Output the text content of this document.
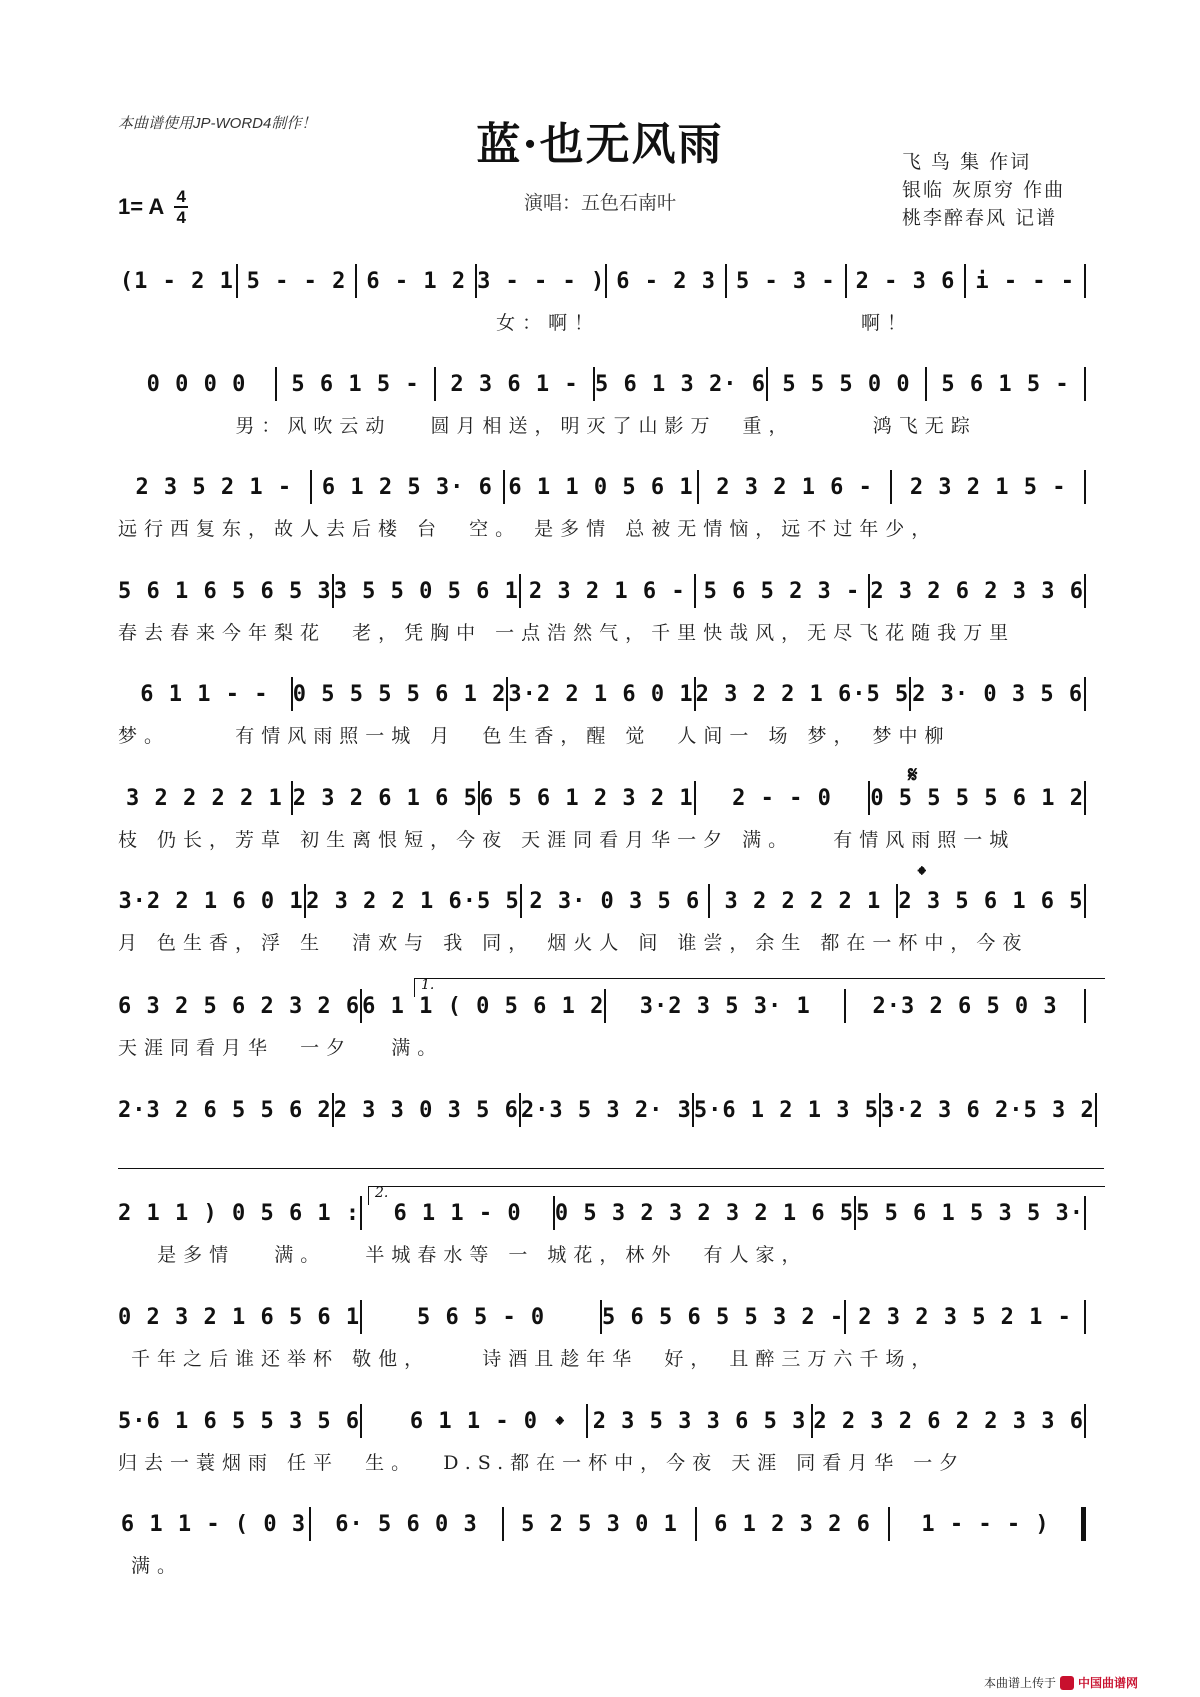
本曲谱使用JP-WORD4制作！	蓝·也无风雨
演唱：五色石南叶
1= A 4
4
飞 鸟 集 作词
银临 灰原穷 作曲
桃李醉春风 记谱
(1 - 2 1 5 - - 2 6 - 1 2 3 - - - ) 6 - 2 3 5 - 3 - 2 - 3 6 i - - -
女：啊！                    啊！
0 0 0 0	5 6 1 5 -	2 3 6 1 - 5 6 1 3 2· 6 5 5 5 0 0	5 6 1 5 -
男：风吹云动   圆月相送，明灭了山影万  重，      鸿飞无踪
2 3 5 2 1 -	6 1 2 5 3· 6 6 1 1 0 5 6 1	2 3 2 1 6 -	2 3 2 1 5 -
远行西复东，故人去后楼 台  空。 是多情 总被无情恼，远不过年少，
5 6 1 6 5 6 5 3 3 5 5 0 5 6 1 2 3 2 1 6 - 5 6 5 2 3 - 2 3 2 6 2 3 3 6
春去春来今年梨花  老，凭胸中 一点浩然气，千里快哉风，无尽飞花随我万里
6 1 1 - -	0 5 5 5 5 6 1 2 3·2 2 1 6 0 1 2 3 2 2 1 6·5 5 2 3· 0 3 5 6
梦。     有情风雨照一城 月  色生香，醒 觉  人间一 场 梦， 梦中柳
3 2 2 2 2 1 2 3 2 6 1 6 5 6 5 6 1 2 3 2 1	2 - - 0	0 5 5 5 5 6 1 2
枝 仍长，芳草 初生离恨短，今夜 天涯同看月华一夕 满。   有情风雨照一城
3·2 2 1 6 0 1 2 3 2 2 1 6·5 5 2 3· 0 3 5 6	3 2 2 2 2 1 2 3 5 6 1 6 5
月 色生香，浮 生  清欢与 我 同， 烟火人 间 谁尝，余生 都在一杯中，今夜
6 3 2 5 6 2 3 2 6 6 1 1 ( 0 5 6 1 2	3·2 3 5 3· 1	2·3 2 6 5 0 3
天涯同看月华  一夕   满。
2·3 2 6 5 5 6 2 2 3 3 0 3 5 6 2·3 5 3 2· 3 5·6 1 2 1 3 5 3·2 3 6 2·5 3 2
2 1 1 ) 0 5 6 1 :	6 1 1 - 0	0 5 3 2 3 2 3 2 1 6 5 5 5 6 1 5 3 5 3·
是多情   满。   半城春水等 一 城花，林外  有人家，
0 2 3 2 1 6 5 6 1	5 6 5 - 0	5 6 5 6 5 5 3 2 - 2 3 2 3 5 2 1 -
千年之后谁还举杯 敬他，    诗酒且趁年华  好， 且醉三万六千场，
5·6 1 6 5 5 3 5 6	6 1 1 - 0	2 3 5 3 3 6 5 3 2 2 3 2 6 2 2 3 3 6
归去一蓑烟雨 任平  生。  D.S.都在一杯中，今夜 天涯 同看月华 一夕
6 1 1 - ( 0 3	6· 5 6 0 3	5 2 5 3 0 1	6 1 2 3 2 6	1 - - - )
满。
𝄋
𝄌
𝄌
1.
2.
本曲谱上传于 中国曲谱网
